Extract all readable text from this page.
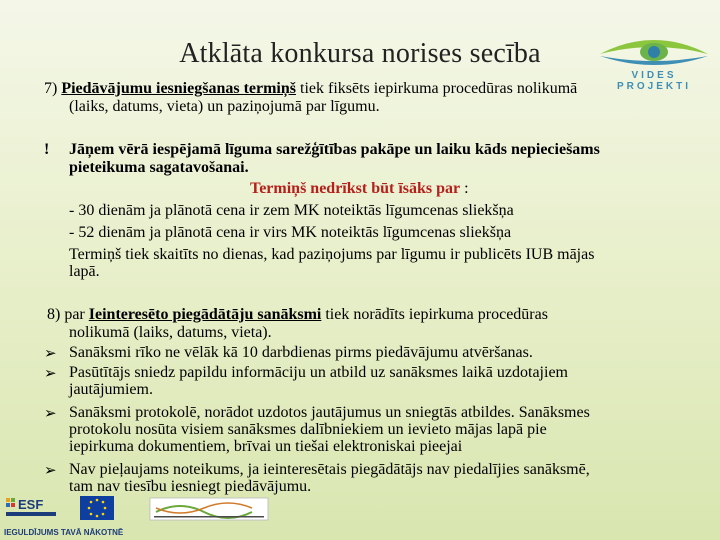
Atklāta konkursa norises secība
VIDES PROJEKTI

7) Piedāvājumu iesniegšanas termiņš tiek fiksēts iepirkuma procedūras nolikumā

(laiks, datums, vieta) un paziņojumā par līgumu.

! Jāņem vērā iespējamā līguma sarežģītības pakāpe un laiku kāds nepieciešams

pieteikuma sagatavošanai.

Termiņš nedrīkst būt īsāks par :

- 30 dienām ja plānotā cena ir zem MK noteiktās līgumcenas sliekšņa

- 52 dienām ja plānotā cena ir virs MK noteiktās līgumcenas sliekšņa

Termiņš tiek skaitīts no dienas, kad paziņojums par līgumu ir publicēts IUB mājas

lapā.

8) par Ieinteresēto piegādātāju sanāksmi tiek norādīts iepirkuma procedūras

nolikumā (laiks, datums, vieta).

➢ Sanāksmi rīko ne vēlāk kā 10 darbdienas pirms piedāvājumu atvēršanas.

➢ Pasūtītājs sniedz papildu informāciju un atbild uz sanāksmes laikā uzdotajiem

jautājumiem.

➢ Sanāksmi protokolē, norādot uzdotos jautājumus un sniegtās atbildes. Sanāksmes

protokolu nosūta visiem sanāksmes dalībniekiem un ievieto mājas lapā pie

iepirkuma dokumentiem, brīvai un tiešai elektroniskai pieejai

➢ Nav pieļaujams noteikums, ja ieinteresētais piegādātājs nav piedalījies sanāksmē,

tam nav tiesību iesniegt piedāvājumu.

ESF
IEGULDĪJUMS TAVĀ NĀKOTNĒ
